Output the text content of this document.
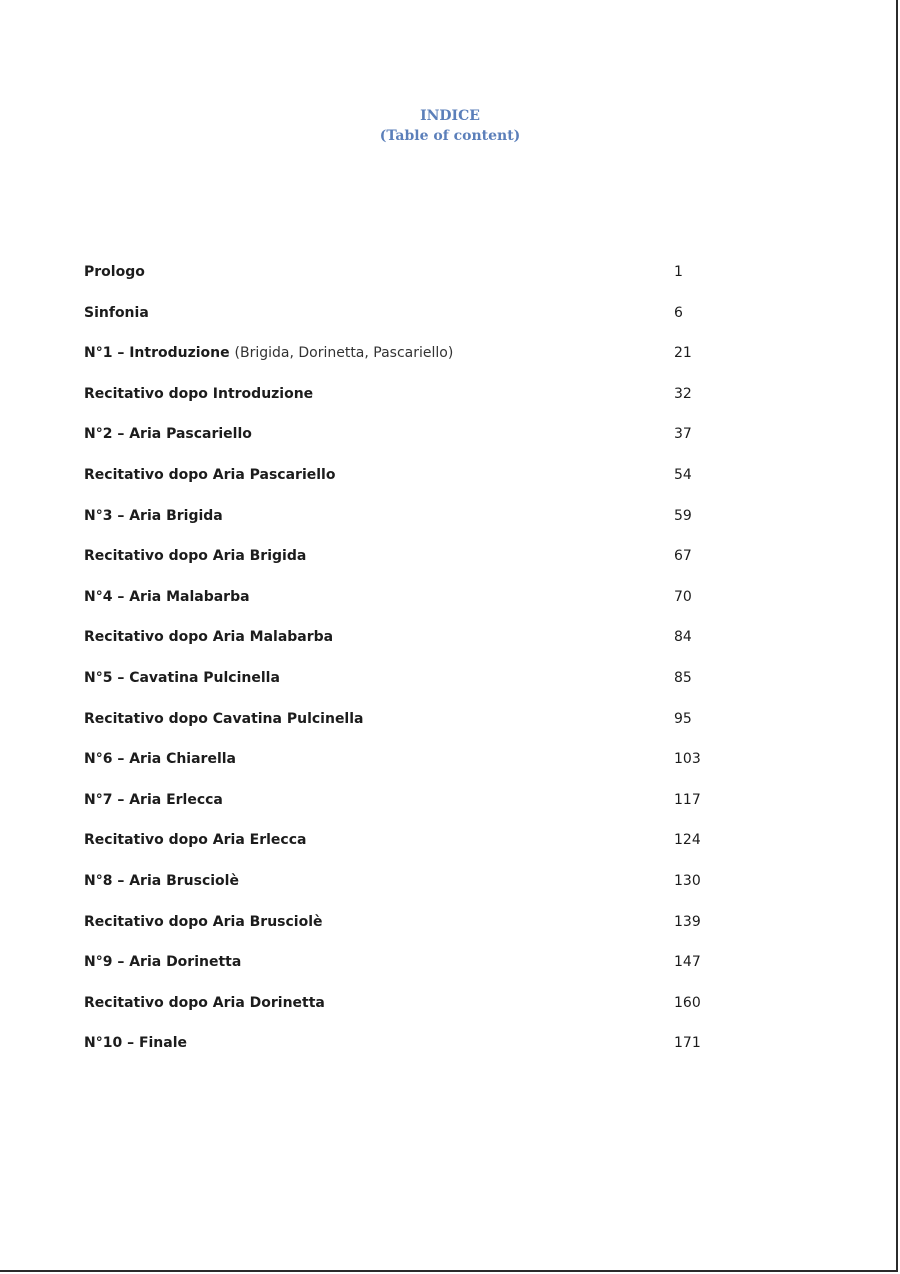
INDICE
(Table of content)
Prologo	1
Sinfonia	6
N°1 – Introduzione (Brigida, Dorinetta, Pascariello)	21
Recitativo dopo Introduzione	32
N°2 – Aria Pascariello	37
Recitativo dopo Aria Pascariello	54
N°3 – Aria Brigida	59
Recitativo dopo Aria Brigida	67
N°4 – Aria Malabarba	70
Recitativo dopo Aria Malabarba	84
N°5 – Cavatina Pulcinella	85
Recitativo dopo Cavatina Pulcinella	95
N°6 – Aria Chiarella	103
N°7 – Aria Erlecca	117
Recitativo dopo Aria Erlecca	124
N°8 – Aria Brusciolè	130
Recitativo dopo Aria Brusciolè	139
N°9 – Aria Dorinetta	147
Recitativo dopo Aria Dorinetta	160
N°10 – Finale	171
